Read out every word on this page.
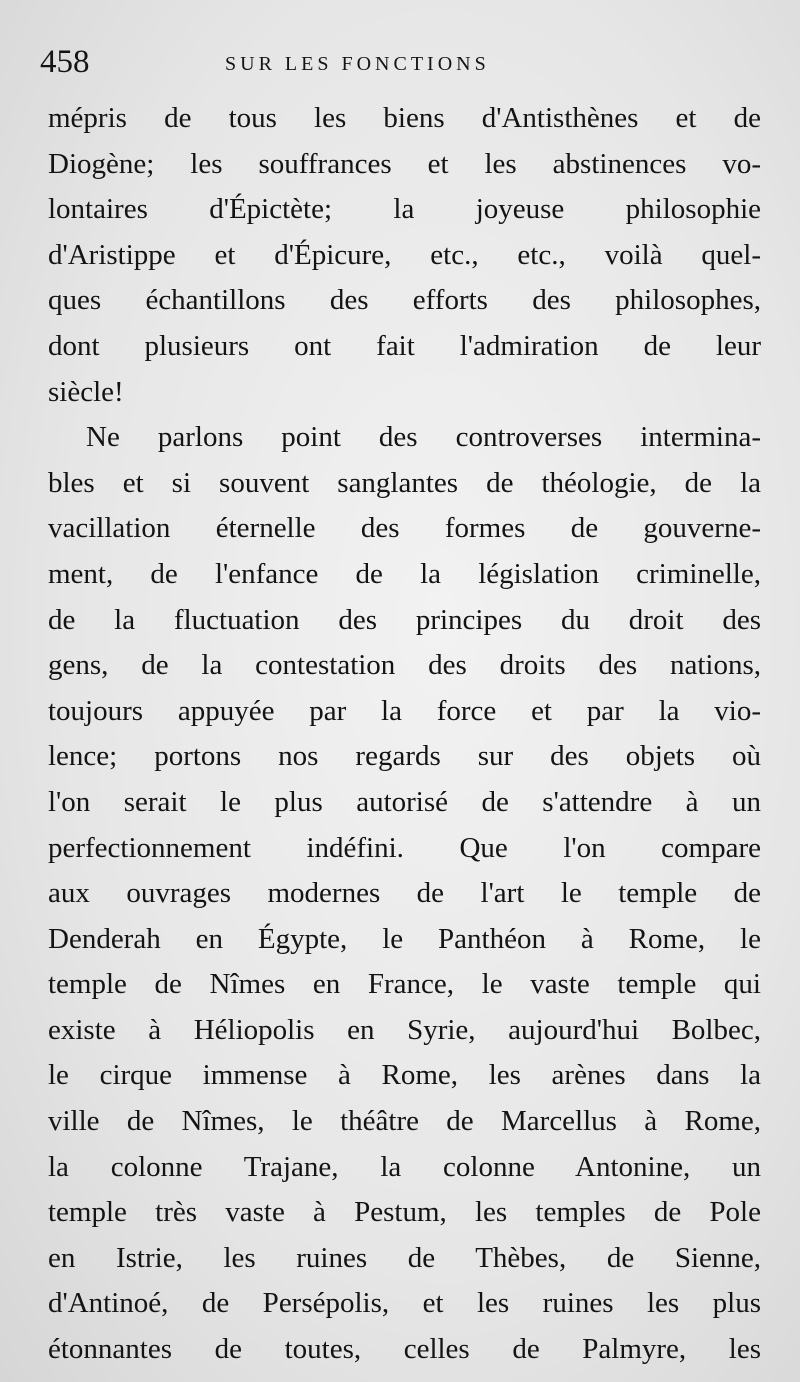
458	SUR LES FONCTIONS
mépris de tous les biens d'Antisthènes et de
Diogène; les souffrances et les abstinences vo-
lontaires d'Épictète; la joyeuse philosophie
d'Aristippe et d'Épicure, etc., etc., voilà quel-
ques échantillons des efforts des philosophes,
dont plusieurs ont fait l'admiration de leur
siècle!
Ne parlons point des controverses intermina-
bles et si souvent sanglantes de théologie, de la
vacillation éternelle des formes de gouverne-
ment, de l'enfance de la législation criminelle,
de la fluctuation des principes du droit des
gens, de la contestation des droits des nations,
toujours appuyée par la force et par la vio-
lence; portons nos regards sur des objets où
l'on serait le plus autorisé de s'attendre à un
perfectionnement indéfini. Que l'on compare
aux ouvrages modernes de l'art le temple de
Denderah en Égypte, le Panthéon à Rome, le
temple de Nîmes en France, le vaste temple qui
existe à Héliopolis en Syrie, aujourd'hui Bolbec,
le cirque immense à Rome, les arènes dans la
ville de Nîmes, le théâtre de Marcellus à Rome,
la colonne Trajane, la colonne Antonine, un
temple très vaste à Pestum, les temples de Pole
en Istrie, les ruines de Thèbes, de Sienne,
d'Antinoé, de Persépolis, et les ruines les plus
étonnantes de toutes, celles de Palmyre, les
